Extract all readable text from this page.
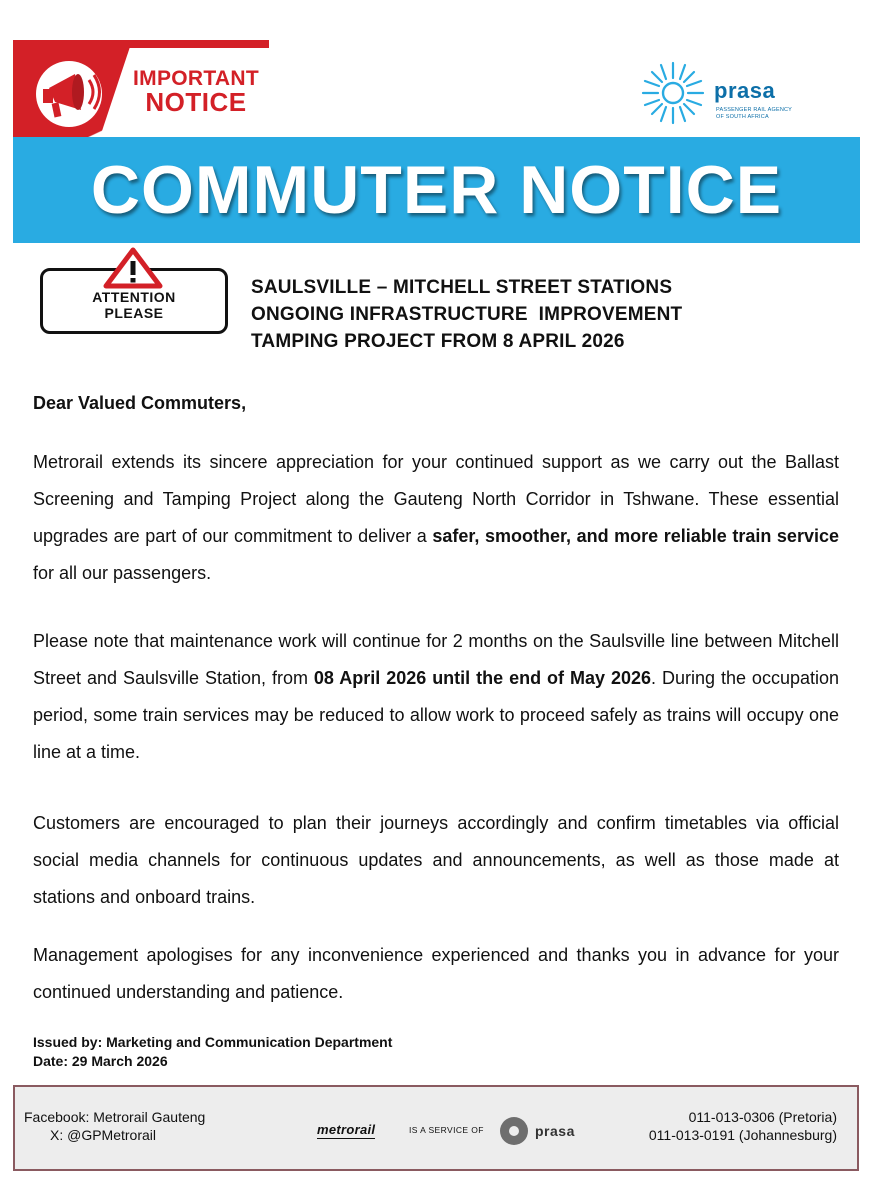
IMPORTANT
NOTICE	prasa
PASSENGER RAIL AGENCY OF SOUTH AFRICA
COMMUTER NOTICE
ATTENTION
PLEASE
SAULSVILLE – MITCHELL STREET STATIONS
ONGOING INFRASTRUCTURE  IMPROVEMENT
TAMPING PROJECT FROM 8 APRIL 2026
Dear Valued Commuters,
Metrorail extends its sincere appreciation for your continued support as we carry out the Ballast Screening and Tamping Project along the Gauteng North Corridor in Tshwane. These essential upgrades are part of our commitment to deliver a safer, smoother, and more reliable train service for all our passengers.
Please note that maintenance work will continue for 2 months on the Saulsville line between Mitchell Street and Saulsville Station, from 08 April 2026 until the end of May 2026. During the occupation period, some train services may be reduced to allow work to proceed safely as trains will occupy one line at a time.
Customers are encouraged to plan their journeys accordingly and confirm timetables via official social media channels for continuous updates and announcements, as well as those made at stations and onboard trains.
Management apologises for any inconvenience experienced and thanks you in advance for your continued understanding and patience.
Issued by: Marketing and Communication Department
Date: 29 March 2026
Facebook: Metrorail Gauteng
X: @GPMetrorail	metrorail	IS A SERVICE OF	prasa
011-013-0306 (Pretoria)
011-013-0191 (Johannesburg)
